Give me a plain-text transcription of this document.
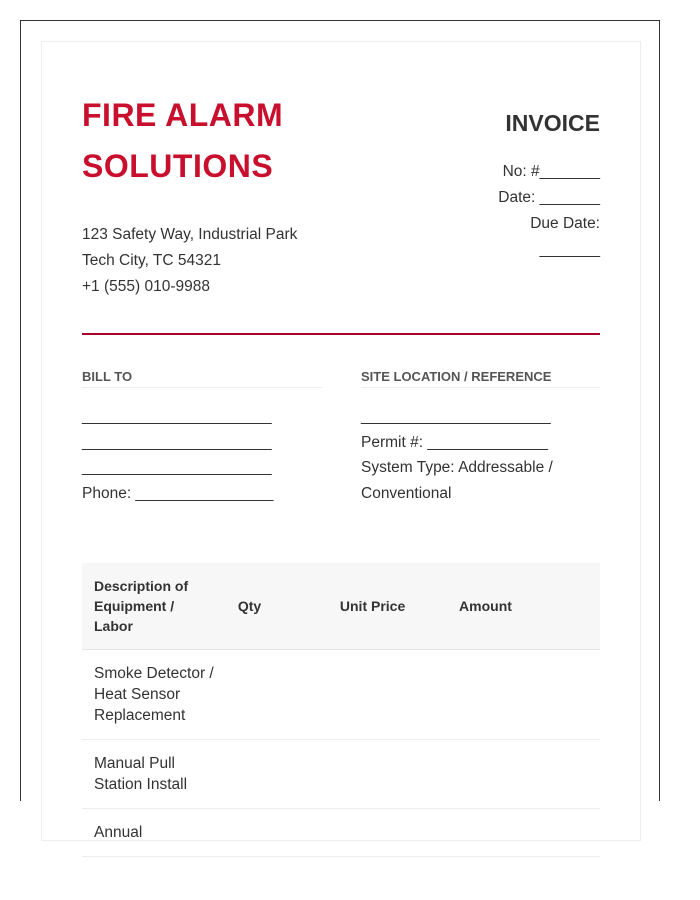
FIRE ALARM
SOLUTIONS
123 Safety Way, Industrial Park
Tech City, TC 54321
+1 (555) 010-9988
INVOICE
No: #_______
Date: _______
Due Date:
_______
BILL TO	SITE LOCATION / REFERENCE
______________________
______________________
______________________
Phone: ________________
______________________
Permit #: ______________
System Type: Addressable / Conventional
Description of Equipment / Labor	Qty	Unit Price	Amount
Smoke Detector / Heat Sensor Replacement			
Manual Pull Station Install			
Annual			
